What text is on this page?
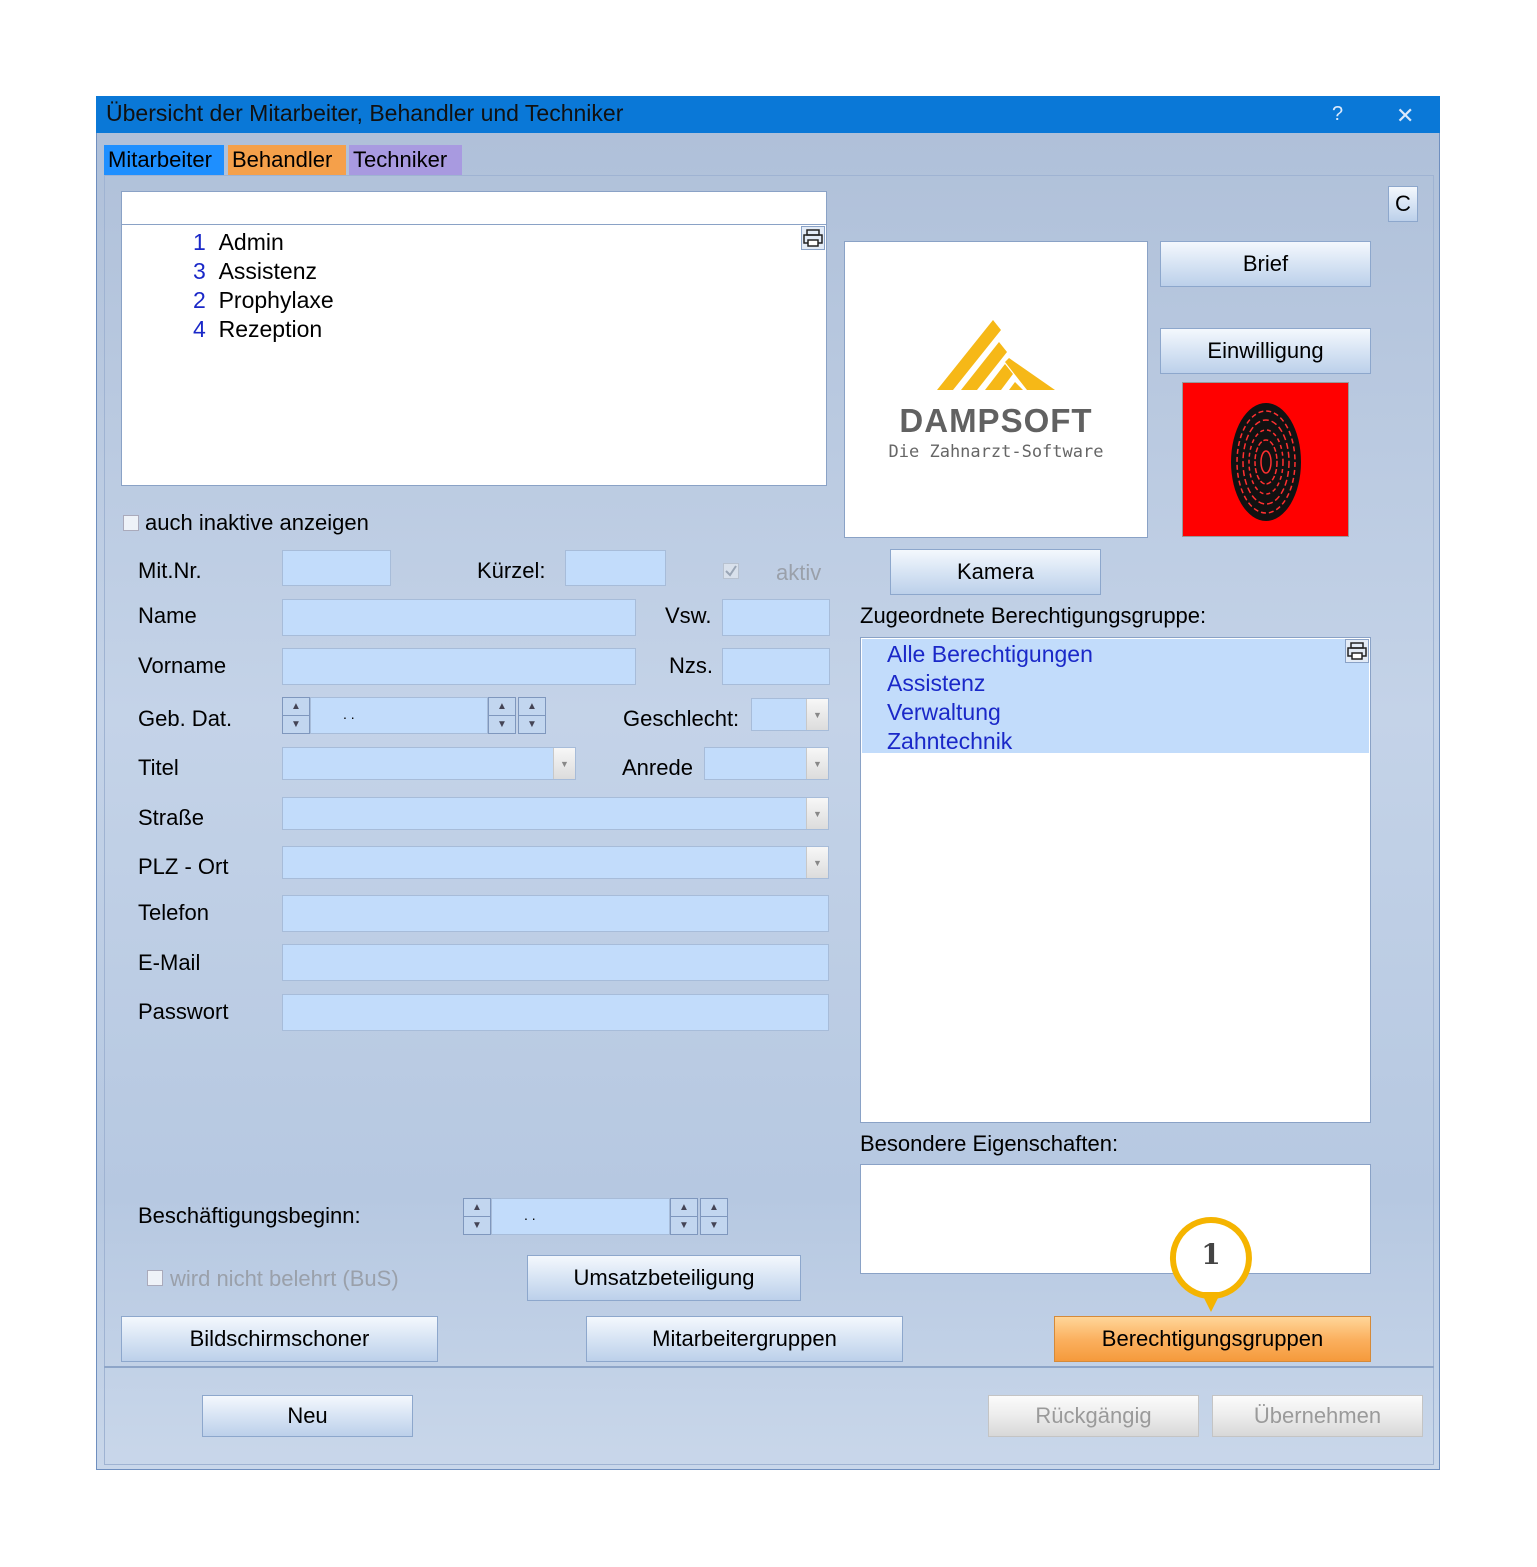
Übersicht der Mitarbeiter, Behandler und Techniker	? ✕
Mitarbeiter Behandler Techniker
1 Admin
3 Assistenz
2 Prophylaxe
4 Rezeption
C
DAMPSOFT
Die Zahnarzt-Software
Brief
Einwilligung
auch inaktive anzeigen
Mit.Nr.	Kürzel:
Name	Vsw.
Vorname	Nzs.
Geb. Dat.	Geschlecht:
Titel	Anrede
Straße
PLZ - Ort
Telefon
E-Mail
Passwort
aktiv
▲
▼
. .	▲
▼
▲
▼
▼
▼	▼
▼
▼
Kamera
Zugeordnete Berechtigungsgruppe:
Alle Berechtigungen
Assistenz
Verwaltung
Zahntechnik
Besondere Eigenschaften:
Beschäftigungsbeginn:	▲
▼
. .	▲
▼
▲
▼
wird nicht belehrt (BuS)	Umsatzbeteiligung
Bildschirmschoner	Mitarbeitergruppen	Berechtigungsgruppen
1
Neu	Rückgängig	Übernehmen
